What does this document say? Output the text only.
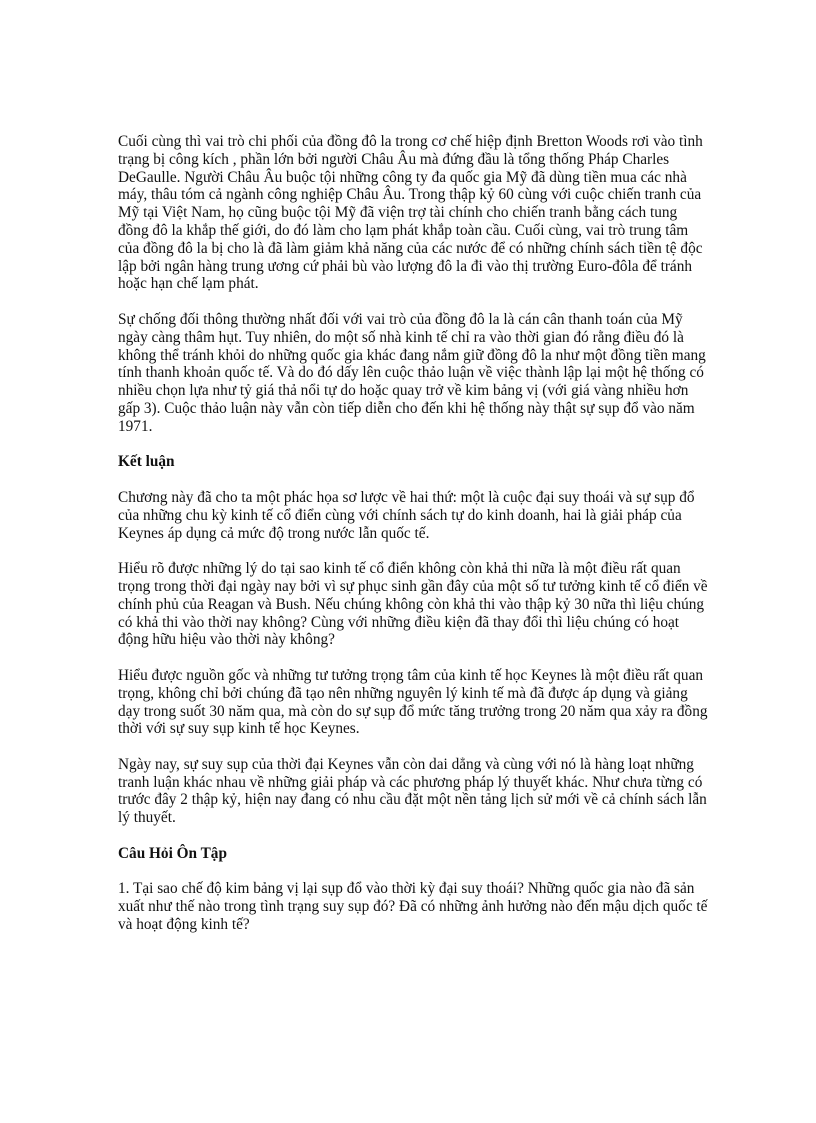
Cuối cùng thì vai trò chi phối của đồng đô la trong cơ chế hiệp định Bretton Woods rơi vào tình trạng bị công kích , phần lớn bởi người Châu Âu mà đứng đầu là tổng thống Pháp Charles DeGaulle. Người Châu Âu buộc tội những công ty đa quốc gia Mỹ đã dùng tiền mua các nhà máy, thâu tóm cả ngành công nghiệp Châu Âu. Trong thập kỷ 60 cùng với cuộc chiến tranh của Mỹ tại Việt Nam, họ cũng buộc tội Mỹ đã viện trợ tài chính cho chiến tranh bằng cách tung đồng đô la khắp thế giới, do đó làm cho lạm phát khắp toàn cầu. Cuối cùng, vai trò trung tâm của đồng đô la bị cho là đã làm giảm khả năng của các nước để có những chính sách tiền tệ độc lập bởi ngân hàng trung ương cứ phải bù vào lượng đô la đi vào thị trường Euro-đôla để tránh hoặc hạn chế lạm phát.

Sự chống đối thông thường nhất đối với vai trò của đồng đô la là cán cân thanh toán của Mỹ ngày càng thâm hụt. Tuy nhiên, do một số nhà kinh tế chỉ ra vào thời gian đó rằng điều đó là không thể tránh khỏi do những quốc gia khác đang nắm giữ đồng đô la như một đồng tiền mang tính thanh khoản quốc tế. Và do đó dấy lên cuộc thảo luận về việc thành lập lại một hệ thống có nhiều chọn lựa như tỷ giá thả nổi tự do hoặc quay trở về kim bảng vị (với giá vàng nhiều hơn gấp 3). Cuộc thảo luận này vẫn còn tiếp diễn cho đến khi hệ thống này thật sự sụp đổ vào năm 1971.

Kết luận

Chương này đã cho ta một phác họa sơ lược về hai thứ: một là cuộc đại suy thoái và sự sụp đổ của những chu kỳ kinh tế cổ điển cùng với chính sách tự do kinh doanh, hai là giải pháp của Keynes áp dụng cả mức độ trong nước lẫn quốc tế.

Hiểu rõ được những lý do tại sao kinh tế cổ điển không còn khả thi nữa là một điều rất quan trọng trong thời đại ngày nay bởi vì sự phục sinh gần đây của một số tư tưởng kinh tế cổ điển về chính phủ của Reagan và Bush. Nếu chúng không còn khả thi vào thập kỷ 30 nữa thì liệu chúng có khả thi vào thời nay không? Cùng với những điều kiện đã thay đổi thì liệu chúng có hoạt động hữu hiệu vào thời này không?

Hiểu được nguồn gốc và những tư tưởng trọng tâm của kinh tế học Keynes là một điều rất quan trọng, không chỉ bởi chúng đã tạo nên những nguyên lý kinh tế mà đã được áp dụng và giảng dạy trong suốt 30 năm qua, mà còn do sự sụp đổ mức tăng trưởng trong 20 năm qua xảy ra đồng thời với sự suy sụp kinh tế học Keynes.

Ngày nay, sự suy sụp của thời đại Keynes vẫn còn dai dẳng và cùng với nó là hàng loạt những tranh luận khác nhau về những giải pháp và các phương pháp lý thuyết khác. Như chưa từng có trước đây 2 thập kỷ, hiện nay đang có nhu cầu đặt một nền tảng lịch sử mới về cả chính sách lẫn lý thuyết.

Câu Hỏi Ôn Tập

1. Tại sao chế độ kim bảng vị lại sụp đổ vào thời kỳ đại suy thoái? Những quốc gia nào đã sản xuất như thế nào trong tình trạng suy sụp đó? Đã có những ảnh hưởng nào đến mậu dịch quốc tế và hoạt động kinh tế?
